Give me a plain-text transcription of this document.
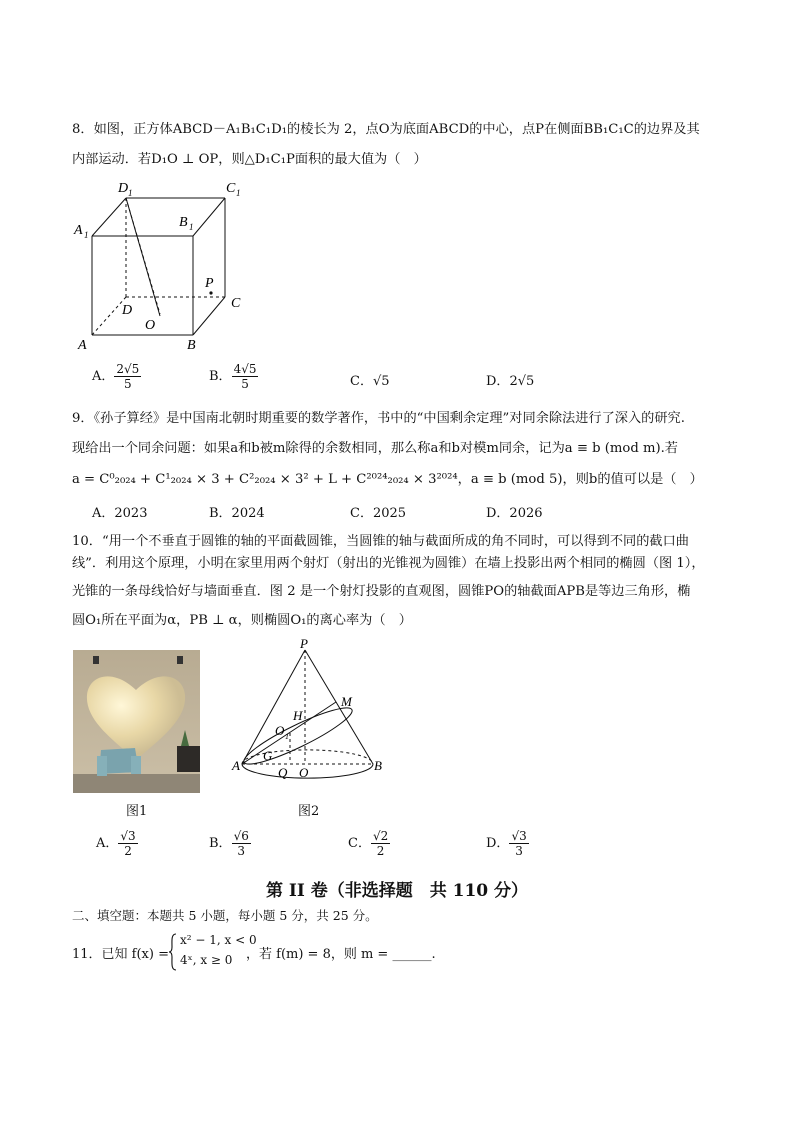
8．如图，正方体ABCD－A₁B₁C₁D₁的棱长为 2，点O为底面ABCD的中心，点P在侧面BB₁C₁C的边界及其
内部运动．若D₁O ⊥ OP，则△D₁C₁P面积的最大值为（　）
D 1	C 1
A 1
B 1
P
D	C
O
A	B
A． $\frac{2√5}{5}$	B． $\frac{4√5}{5}$	C．√5	D．2√5
9．《孙子算经》是中国南北朝时期重要的数学著作，书中的“中国剩余定理”对同余除法进行了深入的研究.
现给出一个同余问题：如果a和b被m除得的余数相同，那么称a和b对模m同余，记为a ≡ b (mod m).若
a = C⁰₂₀₂₄ + C¹₂₀₂₄ × 3 + C²₂₀₂₄ × 3² + L + C²⁰²⁴₂₀₂₄ × 3²⁰²⁴，a ≡ b (mod 5)，则b的值可以是（　）
A．2023	B．2024	C．2025	D．2026
10．“用一个不垂直于圆锥的轴的平面截圆锥，当圆锥的轴与截面所成的角不同时，可以得到不同的截口曲
线”．利用这个原理，小明在家里用两个射灯（射出的光锥视为圆锥）在墙上投影出两个相同的椭圆（图 1），
光锥的一条母线恰好与墙面垂直．图 2 是一个射灯投影的直观图，圆锥PO的轴截面APB是等边三角形，椭
圆O₁所在平面为α，PB ⊥ α，则椭圆O₁的离心率为（　）
图1
P
M
H
O 1
G
A	Q O	B
图2
A． $\frac{√3}{2}$	B． $\frac{√6}{3}$	C． $\frac{√2}{2}$	D． $\frac{√3}{3}$
第 II 卷（非选择题　共 110 分）
二、填空题：本题共 5 小题，每小题 5 分，共 25 分。
11．已知 f(x) =
x² − 1, x < 0
4ˣ, x ≥ 0 ，若 f(m) = 8，则 m = ______.
